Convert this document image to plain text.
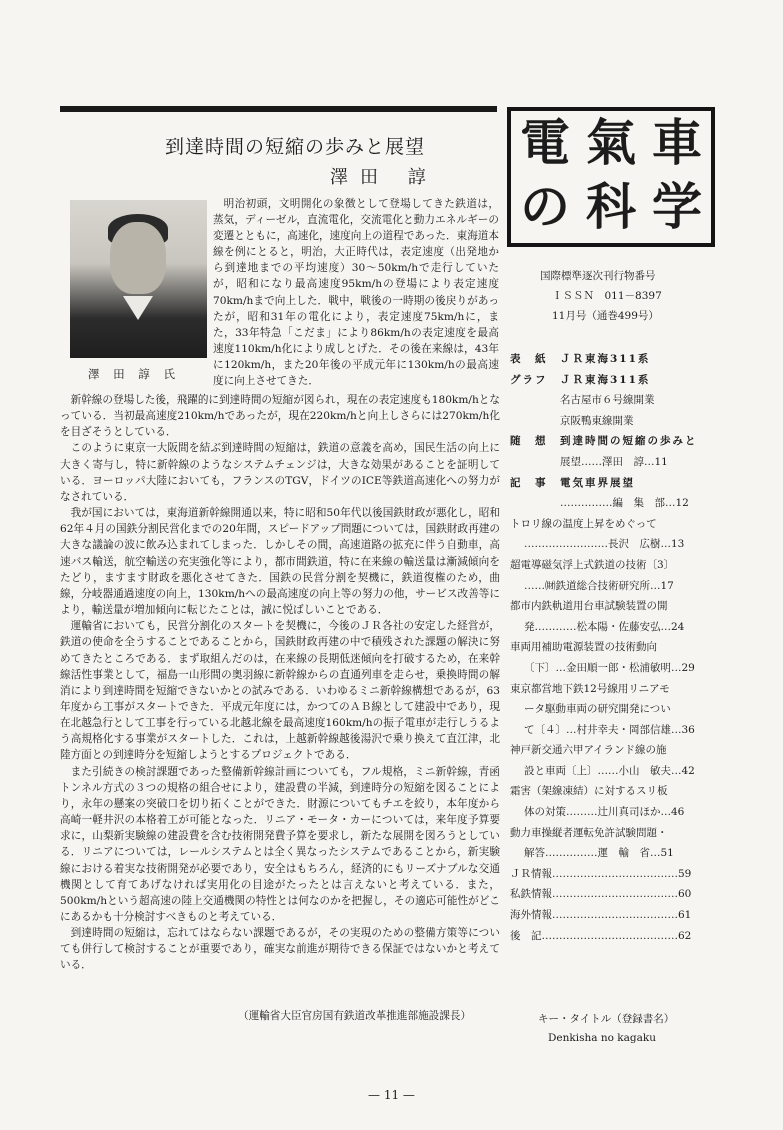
到達時間の短縮の歩みと展望
澤田 諄
澤 田 諄 氏

明治初頭，文明開化の象徴として登場してきた鉄道は，蒸気，ディーゼル，直流電化，交流電化と動力エネルギーの変遷とともに，高速化，速度向上の道程であった．東海道本線を例にとると，明治，大正時代は，表定速度（出発地から到達地までの平均速度）30～50km/hで走行していたが，昭和になり最高速度95km/hの登場により表定速度70km/hまで向上した．戦中，戦後の一時期の後戻りがあったが，昭和31年の電化により，表定速度75km/hに，また，33年特急「こだま」により86km/hの表定速度を最高速度110km/h化により成しとげた．その後在来線は，43年に120km/h，また20年後の平成元年に130km/hの最高速度に向上させてきた．

新幹線の登場した後，飛躍的に到達時間の短縮が図られ，現在の表定速度も180km/hとなっている．当初最高速度210km/hであったが，現在220km/hと向上しさらには270km/h化を目ざそうとしている．

このように東京一大阪間を結ぶ到達時間の短縮は，鉄道の意義を高め，国民生活の向上に大きく寄与し，特に新幹線のようなシステムチェンジは，大きな効果があることを証明している．ヨーロッパ大陸においても，フランスのTGV，ドイツのICE等鉄道高速化への努力がなされている．

我が国においては，東海道新幹線開通以来，特に昭和50年代以後国鉄財政が悪化し，昭和62年４月の国鉄分割民営化までの20年間，スピードアップ問題については，国鉄財政再建の大きな議論の波に飲み込まれてしまった．しかしその間，高速道路の拡充に伴う自動車，高速バス輸送，航空輸送の充実強化等により，都市間鉄道，特に在来線の輸送量は漸減傾向をたどり，ますます財政を悪化させてきた．国鉄の民営分割を契機に，鉄道復権のため，曲線，分岐器通過速度の向上，130km/hへの最高速度の向上等の努力の他，サービス改善等により，輸送量が増加傾向に転じたことは，誠に悦ばしいことである．

運輸省においても，民営分割化のスタートを契機に，今後のＪＲ各社の安定した経営が，鉄道の使命を全うすることであることから，国鉄財政再建の中で積残された課題の解決に努めてきたところである．まず取組んだのは，在来線の長期低迷傾向を打破するため，在来幹線活性事業として，福島一山形間の奥羽線に新幹線からの直通列車を走らせ，乗換時間の解消により到達時間を短縮できないかとの試みである．いわゆるミニ新幹線構想であるが，63年度から工事がスタートできた．平成元年度には，かつてのＡＢ線として建設中であり，現在北越急行として工事を行っている北越北線を最高速度160km/hの振子電車が走行しうるよう高規格化する事業がスタートした．これは，上越新幹線越後湯沢で乗り換えて直江津，北陸方面との到達時分を短縮しようとするプロジェクトである．

また引続きの検討課題であった整備新幹線計画についても，フル規格，ミニ新幹線，青函トンネル方式の３つの規格の組合せにより，建設費の半減，到達時分の短縮を図ることにより，永年の懸案の突破口を切り拓くことができた．財源についてもチエを絞り，本年度から高崎一軽井沢の本格着工が可能となった．リニア・モータ・カーについては，来年度予算要求に，山梨新実験線の建設費を含む技術開発費予算を要求し，新たな展開を図ろうとしている．リニアについては，レールシステムとは全く異なったシステムであることから，新実験線における着実な技術開発が必要であり，安全はもちろん，経済的にもリーズナブルな交通機関として育てあげなければ実用化の目途がたったとは言えないと考えている．また，500km/hという超高速の陸上交通機関の特性とは何なのかを把握し，その適応可能性がどこにあるかも十分検討すべきものと考えている．

到達時間の短縮は，忘れてはならない課題であるが，その実現のための整備方策等についても併行して検討することが重要であり，確実な前進が期待できる保証ではないかと考えている．

（運輸省大臣官房国有鉄道改革推進部施設課長）
— 11 —
電 氣 車
の 科 学
国際標準逐次刊行物番号
ＩＳＳＮ　011－8397
11月号（通巻499号）
表　紙　ＪＲ東海311系
グラフ　ＪＲ東海311系
名古屋市６号線開業
京阪鴨東線開業
随　想　到達時間の短縮の歩みと
展望……澤田　諄…11
記　事　電気車界展望
……………編　集　部…12
トロリ線の温度上昇をめぐって
……………………長沢　広樹…13
超電導磁気浮上式鉄道の技術〔3〕
……㈶鉄道総合技術研究所…17
都市内鉄軌道用台車試験装置の開
発…………松本陽・佐藤安弘…24
車両用補助電源装置の技術動向
〔下〕…金田順一郎・松浦敏明…29
東京都営地下鉄12号線用リニアモ
ータ駆動車両の研究開発につい
て〔４〕…村井幸夫・岡部信雄…36
神戸新交通六甲アイランド線の施
設と車両〔上〕……小山　敏夫…42
霜害（架線凍結）に対するスリ板
体の対策………辻川真司ほか…46
動力車操縦者運転免許試験問題・
解答……………運　輸　省…51
ＪＲ情報………………………………59
私鉄情報………………………………60
海外情報………………………………61
後　記…………………………………62
キー・タイトル（登録書名）
Denkisha no kagaku
